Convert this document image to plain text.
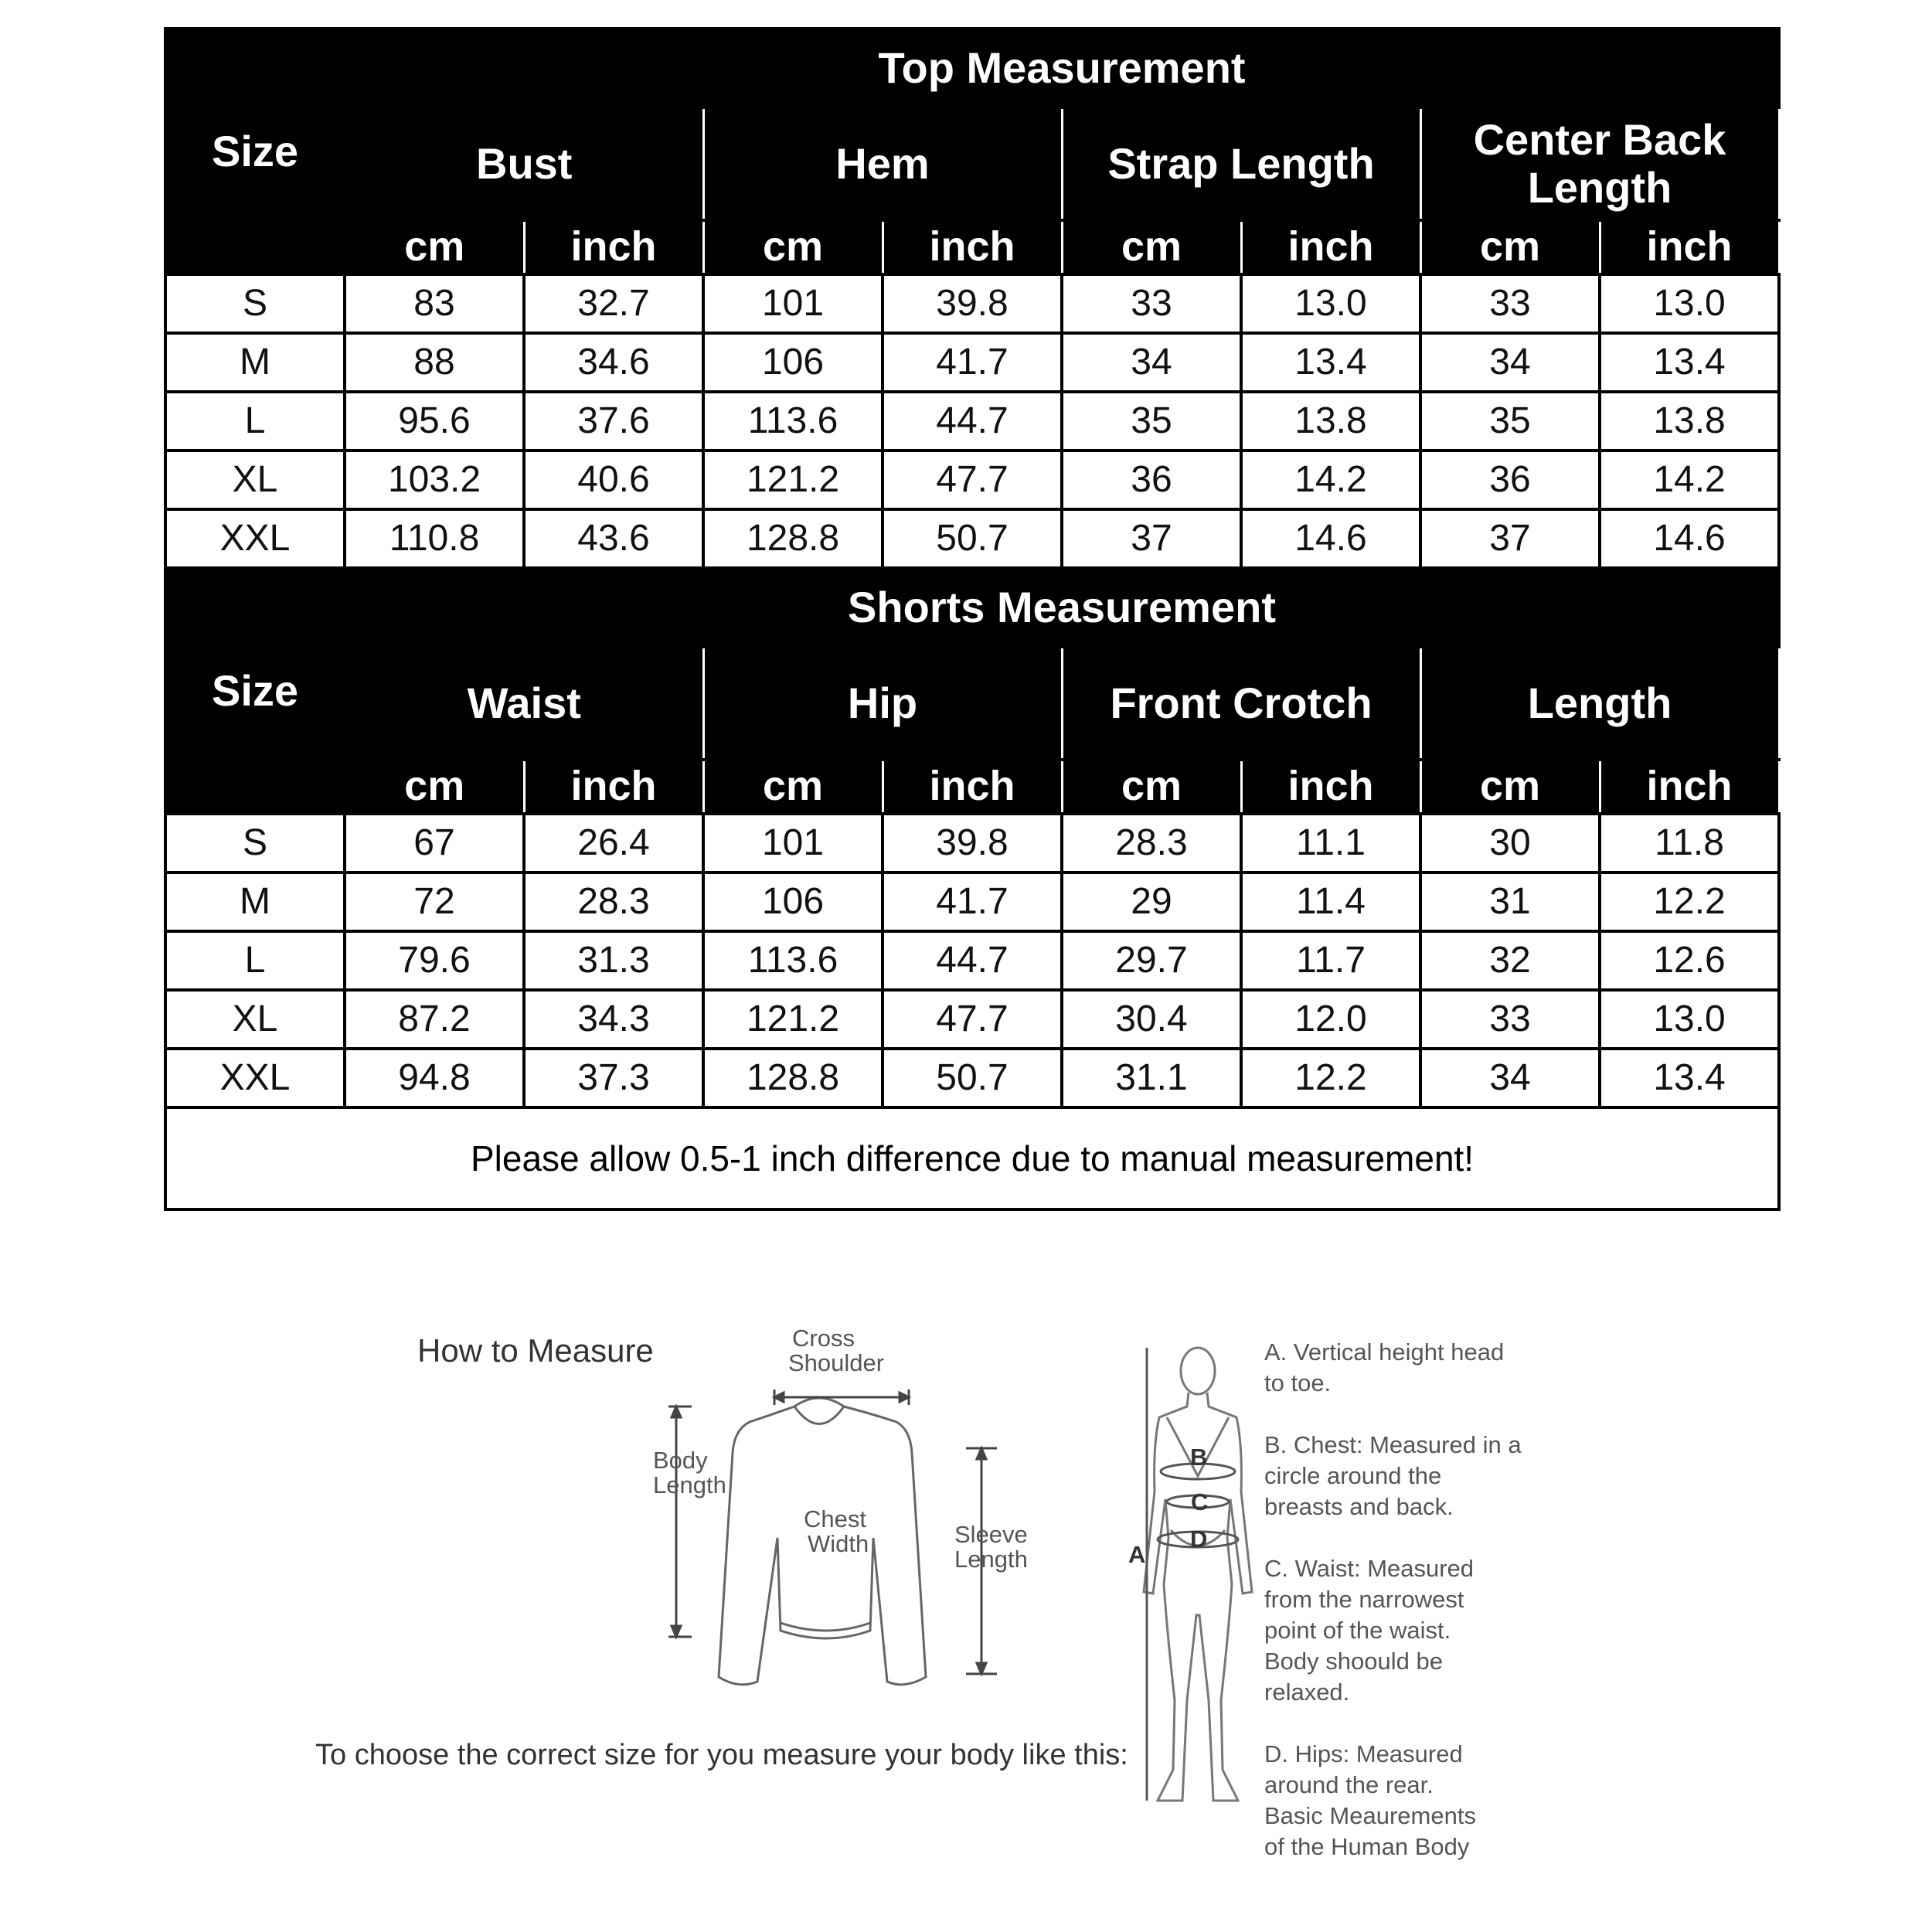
Size	Top Measurement							
	Bust		Hem		Strap Length		Center Back Length	
	cm	inch	cm	inch	cm	inch	cm	inch
S	83	32.7	101	39.8	33	13.0	33	13.0
M	88	34.6	106	41.7	34	13.4	34	13.4
L	95.6	37.6	113.6	44.7	35	13.8	35	13.8
XL	103.2	40.6	121.2	47.7	36	14.2	36	14.2
XXL	110.8	43.6	128.8	50.7	37	14.6	37	14.6
Size	Shorts Measurement							
	Waist		Hip		Front Crotch		Length	
	cm	inch	cm	inch	cm	inch	cm	inch
S	67	26.4	101	39.8	28.3	11.1	30	11.8
M	72	28.3	106	41.7	29	11.4	31	12.2
L	79.6	31.3	113.6	44.7	29.7	11.7	32	12.6
XL	87.2	34.3	121.2	47.7	30.4	12.0	33	13.0
XXL	94.8	37.3	128.8	50.7	31.1	12.2	34	13.4
Please allow 0.5-1 inch difference due to manual measurement!								
How to Measure	Cross
Shoulder
Body
Length
Chest
Width	Sleeve
Length
To choose the correct size for you measure your body like this:
B
C
D
A
A. Vertical height head
to toe.
B. Chest: Measured in a
circle around the
breasts and back.
C. Waist: Measured
from the narrowest
point of the waist.
Body shoould be
relaxed.
D. Hips: Measured
around the rear.
Basic Meaurements
of the Human Body
